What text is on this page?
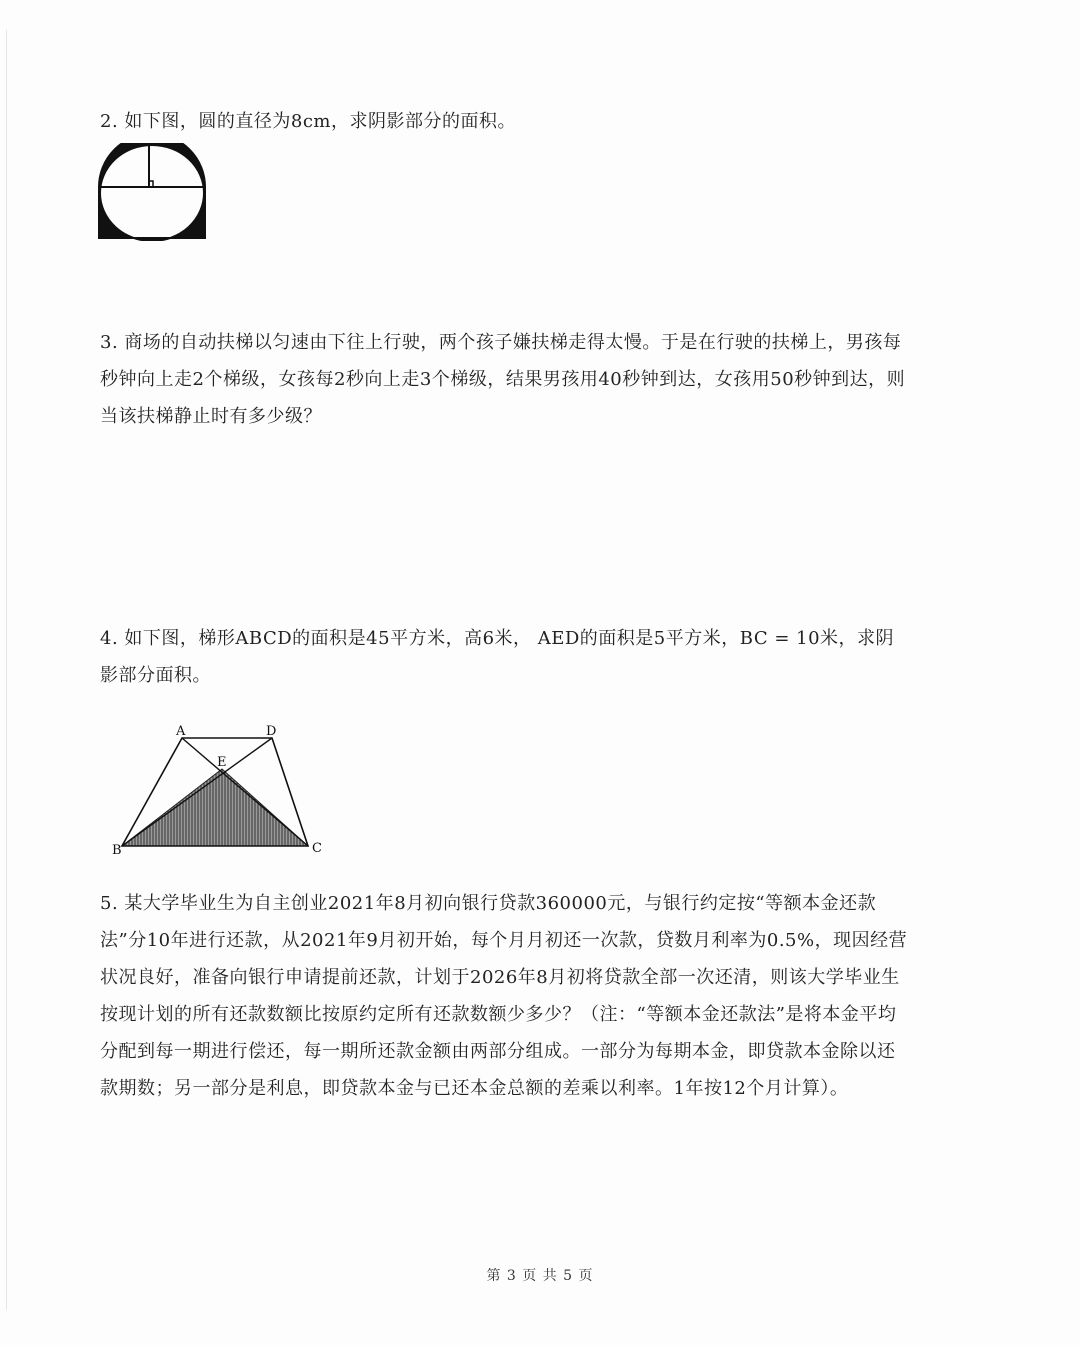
2. 如下图，圆的直径为8cm，求阴影部分的面积。
3. 商场的自动扶梯以匀速由下往上行驶，两个孩子嫌扶梯走得太慢。于是在行驶的扶梯上，男孩每秒钟向上走2个梯级，女孩每2秒向上走3个梯级，结果男孩用40秒钟到达，女孩用50秒钟到达，则当该扶梯静止时有多少级？
4. 如下图，梯形ABCD的面积是45平方米，高6米， AED的面积是5平方米，BC = 10米，求阴影部分面积。
A	D
E
B	C
5. 某大学毕业生为自主创业2021年8月初向银行贷款360000元，与银行约定按“等额本金还款法”分10年进行还款，从2021年9月初开始，每个月月初还一次款，贷数月利率为0.5%，现因经营状况良好，准备向银行申请提前还款，计划于2026年8月初将贷款全部一次还清，则该大学毕业生按现计划的所有还款数额比按原约定所有还款数额少多少？（注：“等额本金还款法”是将本金平均分配到每一期进行偿还，每一期所还款金额由两部分组成。一部分为每期本金，即贷款本金除以还款期数；另一部分是利息，即贷款本金与已还本金总额的差乘以利率。1年按12个月计算）。
第 3 页 共 5 页
